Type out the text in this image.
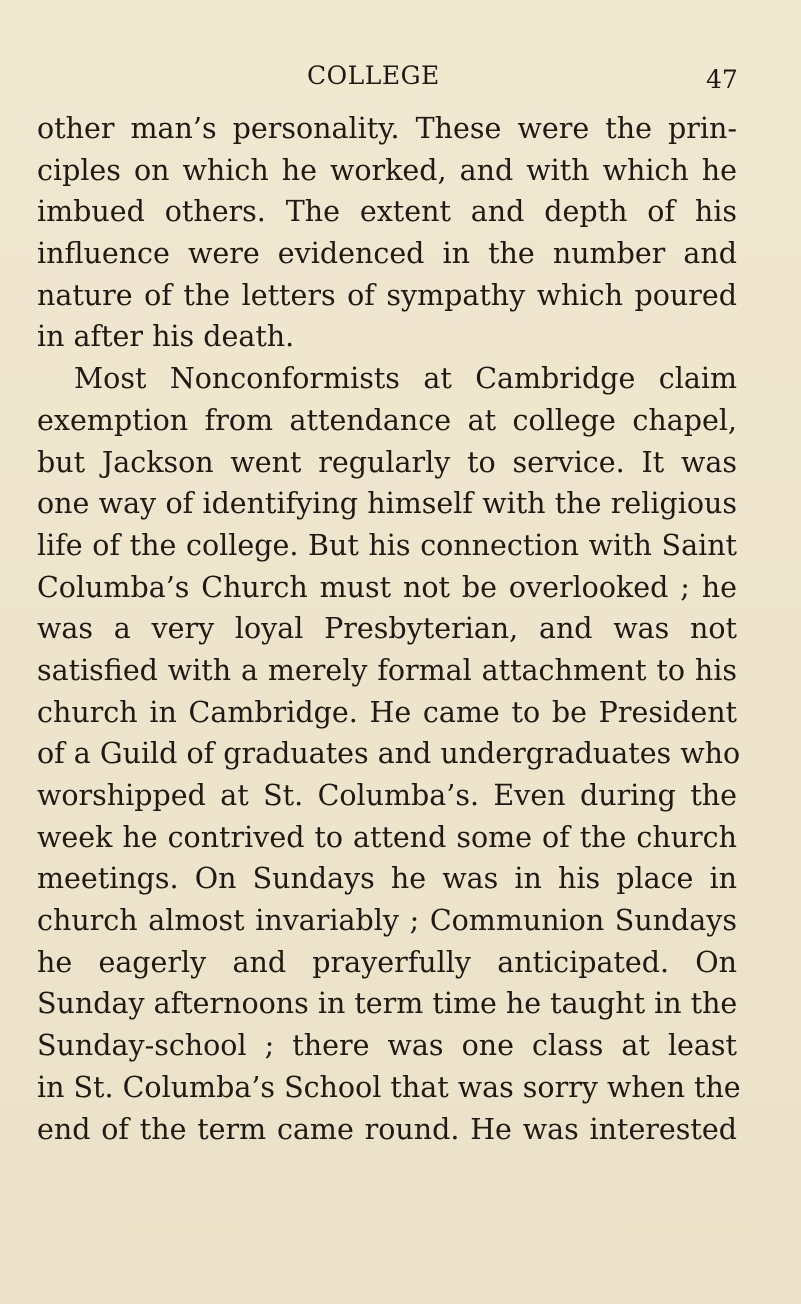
COLLEGE	47
other man’s personality. These were the prin-
ciples on which he worked, and with which he
imbued others. The extent and depth of his
influence were evidenced in the number and
nature of the letters of sympathy which poured
in after his death.
Most Nonconformists at Cambridge claim
exemption from attendance at college chapel,
but Jackson went regularly to service. It was
one way of identifying himself with the religious
life of the college. But his connection with Saint
Columba’s Church must not be overlooked ; he
was a very loyal Presbyterian, and was not
satisfied with a merely formal attachment to his
church in Cambridge. He came to be President
of a Guild of graduates and undergraduates who
worshipped at St. Columba’s. Even during the
week he contrived to attend some of the church
meetings. On Sundays he was in his place in
church almost invariably ; Communion Sundays
he eagerly and prayerfully anticipated. On
Sunday afternoons in term time he taught in the
Sunday-school ; there was one class at least
in St. Columba’s School that was sorry when the
end of the term came round. He was interested
